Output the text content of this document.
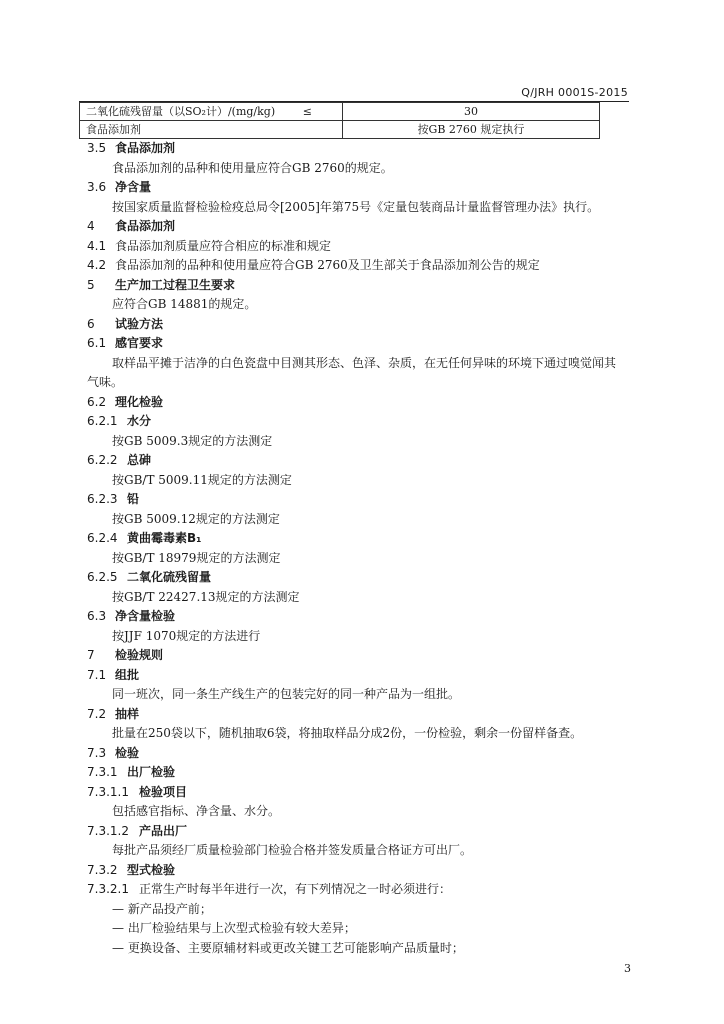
Q/JRH 0001S-2015
二氧化硫残留量（以SO₂计）/(mg/kg) ≤	30

食品添加剂	按GB 2760 规定执行
3.5 食品添加剂
食品添加剂的品种和使用量应符合GB 2760的规定。
3.6 净含量
按国家质量监督检验检疫总局令[2005]年第75号《定量包装商品计量监督管理办法》执行。
4 食品添加剂
4.1 食品添加剂质量应符合相应的标准和规定
4.2 食品添加剂的品种和使用量应符合GB 2760及卫生部关于食品添加剂公告的规定
5 生产加工过程卫生要求
应符合GB 14881的规定。
6 试验方法
6.1 感官要求
取样品平摊于洁净的白色瓷盘中目测其形态、色泽、杂质，在无任何异味的环境下通过嗅觉闻其
气味。
6.2 理化检验
6.2.1 水分
按GB 5009.3规定的方法测定
6.2.2 总砷
按GB/T 5009.11规定的方法测定
6.2.3 铅
按GB 5009.12规定的方法测定
6.2.4 黄曲霉毒素B₁
按GB/T 18979规定的方法测定
6.2.5 二氧化硫残留量
按GB/T 22427.13规定的方法测定
6.3 净含量检验
按JJF 1070规定的方法进行
7 检验规则
7.1 组批
同一班次，同一条生产线生产的包装完好的同一种产品为一组批。
7.2 抽样
批量在250袋以下，随机抽取6袋，将抽取样品分成2份，一份检验，剩余一份留样备查。
7.3 检验
7.3.1 出厂检验
7.3.1.1 检验项目
包括感官指标、净含量、水分。
7.3.1.2 产品出厂
每批产品须经厂质量检验部门检验合格并签发质量合格证方可出厂。
7.3.2 型式检验
7.3.2.1 正常生产时每半年进行一次，有下列情况之一时必须进行：
— 新产品投产前；
— 出厂检验结果与上次型式检验有较大差异；
— 更换设备、主要原辅材料或更改关键工艺可能影响产品质量时；
3
